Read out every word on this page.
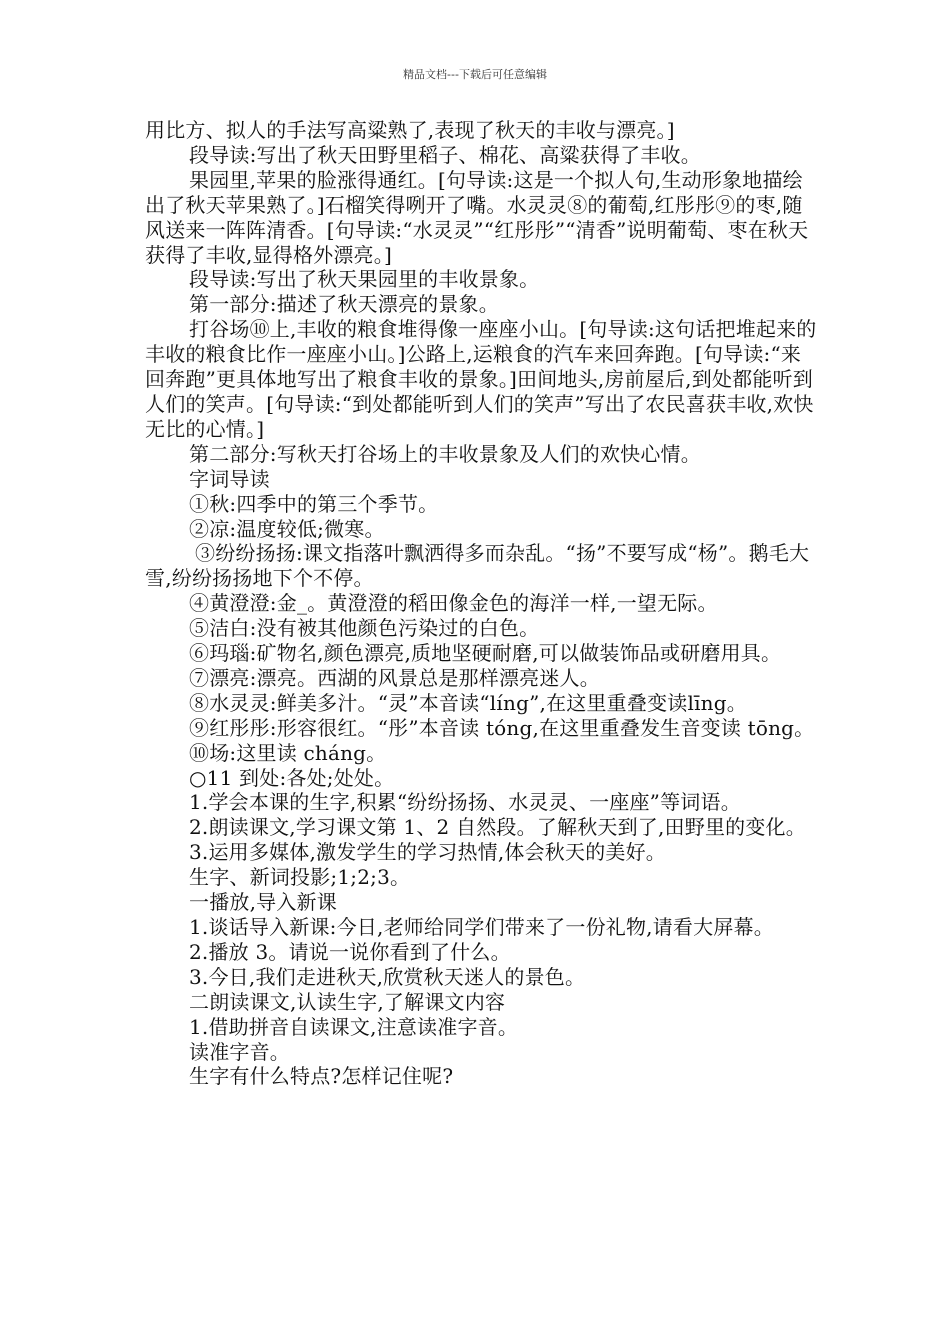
精品文档---下载后可任意编辑

用比方、拟人的手法写高粱熟了,表现了秋天的丰收与漂亮。]

段导读:写出了秋天田野里稻子、棉花、高粱获得了丰收。

果园里,苹果的脸涨得通红。[句导读:这是一个拟人句,生动形象地描绘出了秋天苹果熟了。]石榴笑得咧开了嘴。水灵灵⑧的葡萄,红彤彤⑨的枣,随风送来一阵阵清香。[句导读:“水灵灵”“红彤彤”“清香”说明葡萄、枣在秋天获得了丰收,显得格外漂亮。]

段导读:写出了秋天果园里的丰收景象。

第一部分:描述了秋天漂亮的景象。

打谷场⑩上,丰收的粮食堆得像一座座小山。[句导读:这句话把堆起来的丰收的粮食比作一座座小山。]公路上,运粮食的汽车来回奔跑。[句导读:“来回奔跑”更具体地写出了粮食丰收的景象。]田间地头,房前屋后,到处都能听到人们的笑声。[句导读:“到处都能听到人们的笑声”写出了农民喜获丰收,欢快无比的心情。]

第二部分:写秋天打谷场上的丰收景象及人们的欢快心情。

字词导读

①秋:四季中的第三个季节。

②凉:温度较低;微寒。

③纷纷扬扬:课文指落叶飘洒得多而杂乱。“扬”不要写成“杨”。鹅毛大雪,纷纷扬扬地下个不停。

④黄澄澄:金_。黄澄澄的稻田像金色的海洋一样,一望无际。

⑤洁白:没有被其他颜色污染过的白色。

⑥玛瑙:矿物名,颜色漂亮,质地坚硬耐磨,可以做装饰品或研磨用具。

⑦漂亮:漂亮。西湖的风景总是那样漂亮迷人。

⑧水灵灵:鲜美多汁。“灵”本音读“líng”,在这里重叠变读līng。

⑨红彤彤:形容很红。“彤”本音读 tóng,在这里重叠发生音变读 tōng。

⑩场:这里读 cháng。

○11 到处:各处;处处。

1.学会本课的生字,积累“纷纷扬扬、水灵灵、一座座”等词语。

2.朗读课文,学习课文第 1、2 自然段。了解秋天到了,田野里的变化。

3.运用多媒体,激发学生的学习热情,体会秋天的美好。

生字、新词投影;1;2;3。

一播放,导入新课

1.谈话导入新课:今日,老师给同学们带来了一份礼物,请看大屏幕。

2.播放 3。请说一说你看到了什么。

3.今日,我们走进秋天,欣赏秋天迷人的景色。

二朗读课文,认读生字,了解课文内容

1.借助拼音自读课文,注意读准字音。

读准字音。

生字有什么特点?怎样记住呢?
